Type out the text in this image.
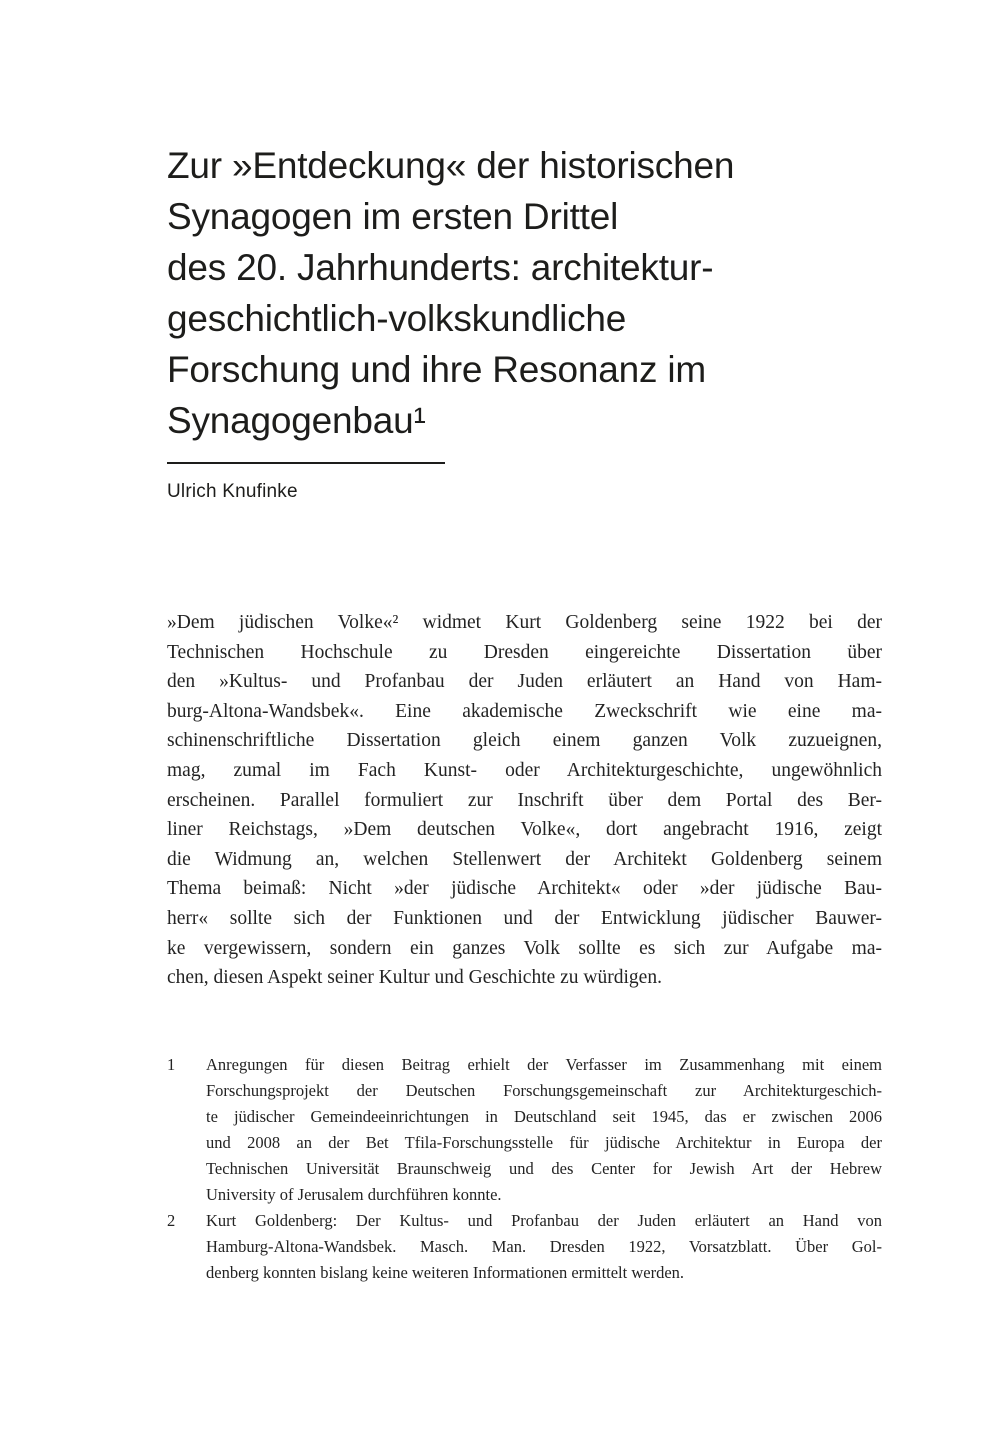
Zur »Entdeckung« der historischen
Synagogen im ersten Drittel
des 20. Jahrhunderts: architektur-
geschichtlich-volkskundliche
Forschung und ihre Resonanz im
Synagogenbau¹
Ulrich Knufinke
»Dem jüdischen Volke«² widmet Kurt Goldenberg seine 1922 bei der
Technischen Hochschule zu Dresden eingereichte Dissertation über
den »Kultus- und Profanbau der Juden erläutert an Hand von Ham-
burg-Altona-Wandsbek«. Eine akademische Zweckschrift wie eine ma-
schinenschriftliche Dissertation gleich einem ganzen Volk zuzueignen,
mag, zumal im Fach Kunst- oder Architekturgeschichte, ungewöhnlich
erscheinen. Parallel formuliert zur Inschrift über dem Portal des Ber-
liner Reichstags, »Dem deutschen Volke«, dort angebracht 1916, zeigt
die Widmung an, welchen Stellenwert der Architekt Goldenberg seinem
Thema beimaß: Nicht »der jüdische Architekt« oder »der jüdische Bau-
herr« sollte sich der Funktionen und der Entwicklung jüdischer Bauwer-
ke vergewissern, sondern ein ganzes Volk sollte es sich zur Aufgabe ma-
chen, diesen Aspekt seiner Kultur und Geschichte zu würdigen.
1	Anregungen für diesen Beitrag erhielt der Verfasser im Zusammenhang mit einem
Forschungsprojekt der Deutschen Forschungsgemeinschaft zur Architekturgeschich-
te jüdischer Gemeindeeinrichtungen in Deutschland seit 1945, das er zwischen 2006
und 2008 an der Bet Tfila-Forschungsstelle für jüdische Architektur in Europa der
Technischen Universität Braunschweig und des Center for Jewish Art der Hebrew
University of Jerusalem durchführen konnte.
2	Kurt Goldenberg: Der Kultus- und Profanbau der Juden erläutert an Hand von
Hamburg-Altona-Wandsbek. Masch. Man. Dresden 1922, Vorsatzblatt. Über Gol-
denberg konnten bislang keine weiteren Informationen ermittelt werden.
